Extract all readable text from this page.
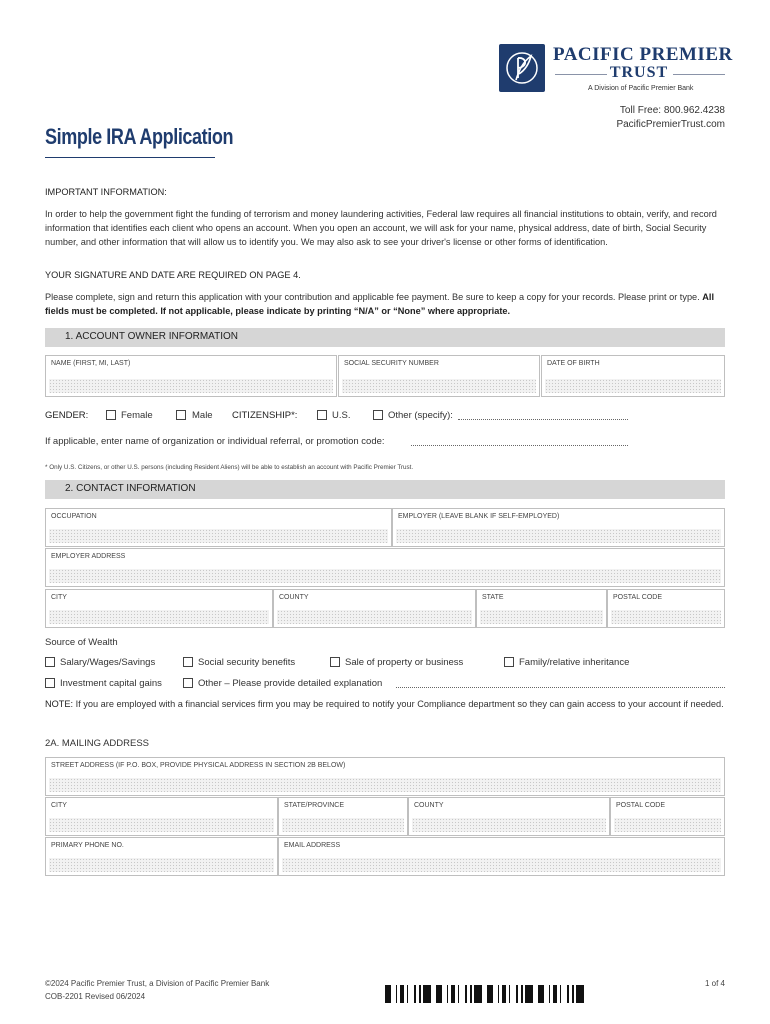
PACIFIC PREMIER
TRUST
A Division of Pacific Premier Bank
Toll Free: 800.962.4238
PacificPremierTrust.com
Simple IRA Application
IMPORTANT INFORMATION:
In order to help the government fight the funding of terrorism and money laundering activities, Federal law requires all financial institutions to obtain, verify, and record information that identifies each client who opens an account. When you open an account, we will ask for your name, physical address, date of birth, Social Security number, and other information that will allow us to identify you. We may also ask to see your driver's license or other forms of identification.
YOUR SIGNATURE AND DATE ARE REQUIRED ON PAGE 4.
Please complete, sign and return this application with your contribution and applicable fee payment. Be sure to keep a copy for your records. Please print or type. All fields must be completed. If not applicable, please indicate by printing “N/A” or “None” where appropriate.
1. ACCOUNT OWNER INFORMATION
NAME (FIRST, MI, LAST)	SOCIAL SECURITY NUMBER	DATE OF BIRTH
GENDER:	Female	Male CITIZENSHIP*:	U.S.	Other (specify):
If applicable, enter name of organization or individual referral, or promotion code:
* Only U.S. Citizens, or other U.S. persons (including Resident Aliens) will be able to establish an account with Pacific Premier Trust.
2. CONTACT INFORMATION
OCCUPATION	EMPLOYER (LEAVE BLANK IF SELF-EMPLOYED)
EMPLOYER ADDRESS
CITY	COUNTY	STATE	POSTAL CODE
Source of Wealth
Salary/Wages/Savings	Social security benefits	Sale of property or business	Family/relative inheritance
Investment capital gains	Other – Please provide detailed explanation
NOTE: If you are employed with a financial services firm you may be required to notify your Compliance department so they can gain access to your account if needed.
2A. MAILING ADDRESS
STREET ADDRESS (IF P.O. BOX, PROVIDE PHYSICAL ADDRESS IN SECTION 2B BELOW)
CITY	STATE/PROVINCE	COUNTY	POSTAL CODE
PRIMARY PHONE NO.	EMAIL ADDRESS
©2024 Pacific Premier Trust, a Division of Pacific Premier Bank
COB-2201 Revised 06/2024
1 of 4
